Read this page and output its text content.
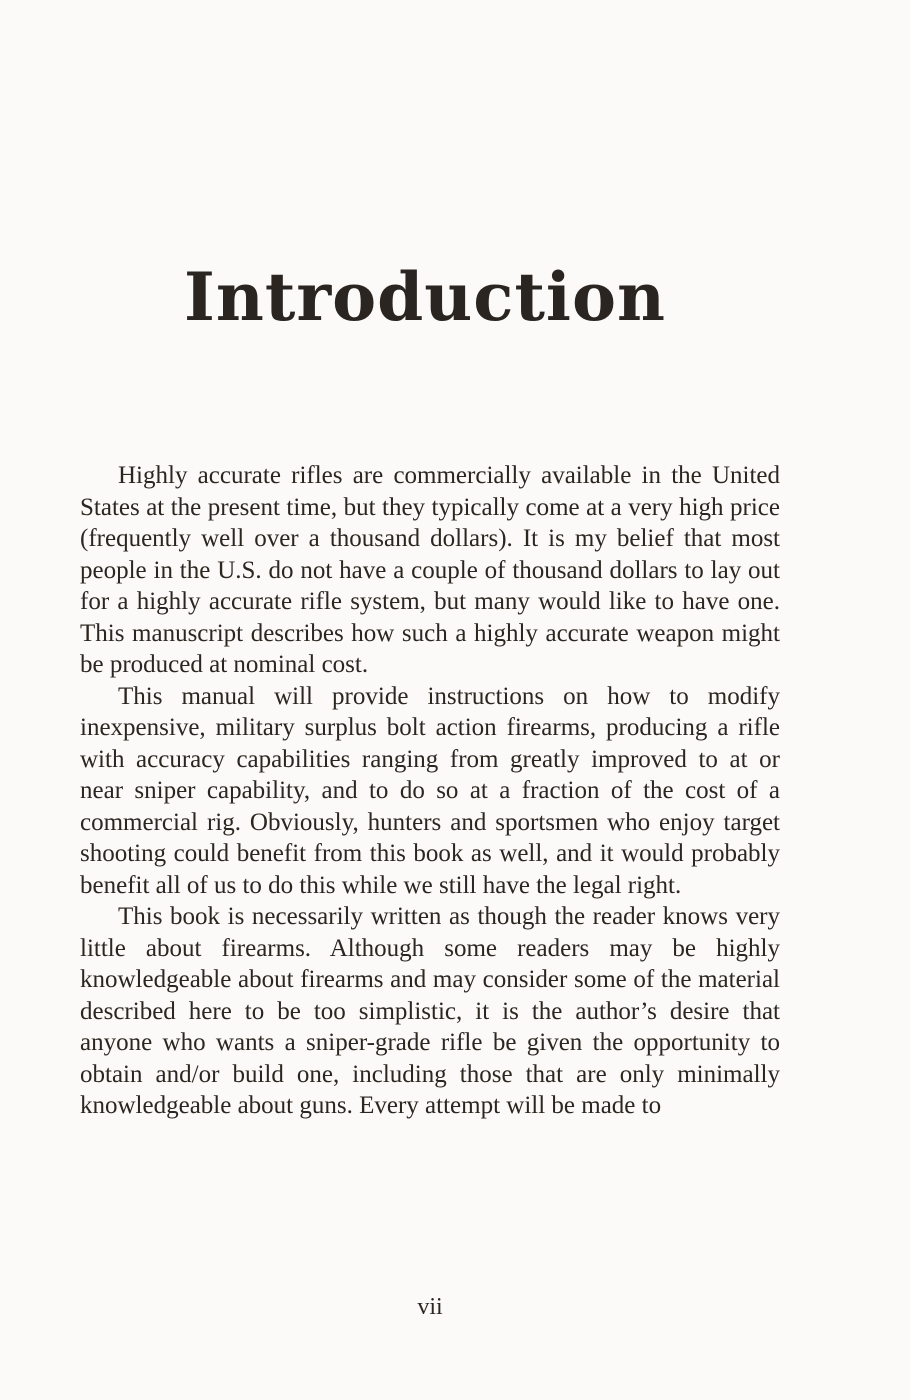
Introduction

Highly accurate rifles are commercially available in the United States at the present time, but they typically come at a very high price (frequently well over a thousand dollars). It is my belief that most people in the U.S. do not have a couple of thousand dollars to lay out for a highly accurate rifle system, but many would like to have one. This manuscript describes how such a highly accurate weapon might be produced at nominal cost.

This manual will provide instructions on how to modify inexpensive, military surplus bolt action firearms, producing a rifle with accuracy capabilities ranging from greatly improved to at or near sniper capability, and to do so at a fraction of the cost of a commercial rig. Obviously, hunters and sportsmen who enjoy target shooting could benefit from this book as well, and it would probably benefit all of us to do this while we still have the legal right.

This book is necessarily written as though the reader knows very little about firearms. Although some readers may be highly knowledgeable about firearms and may consider some of the material described here to be too simplistic, it is the author’s desire that anyone who wants a sniper-grade rifle be given the opportunity to obtain and/or build one, including those that are only minimally knowledgeable about guns. Every attempt will be made to

vii
